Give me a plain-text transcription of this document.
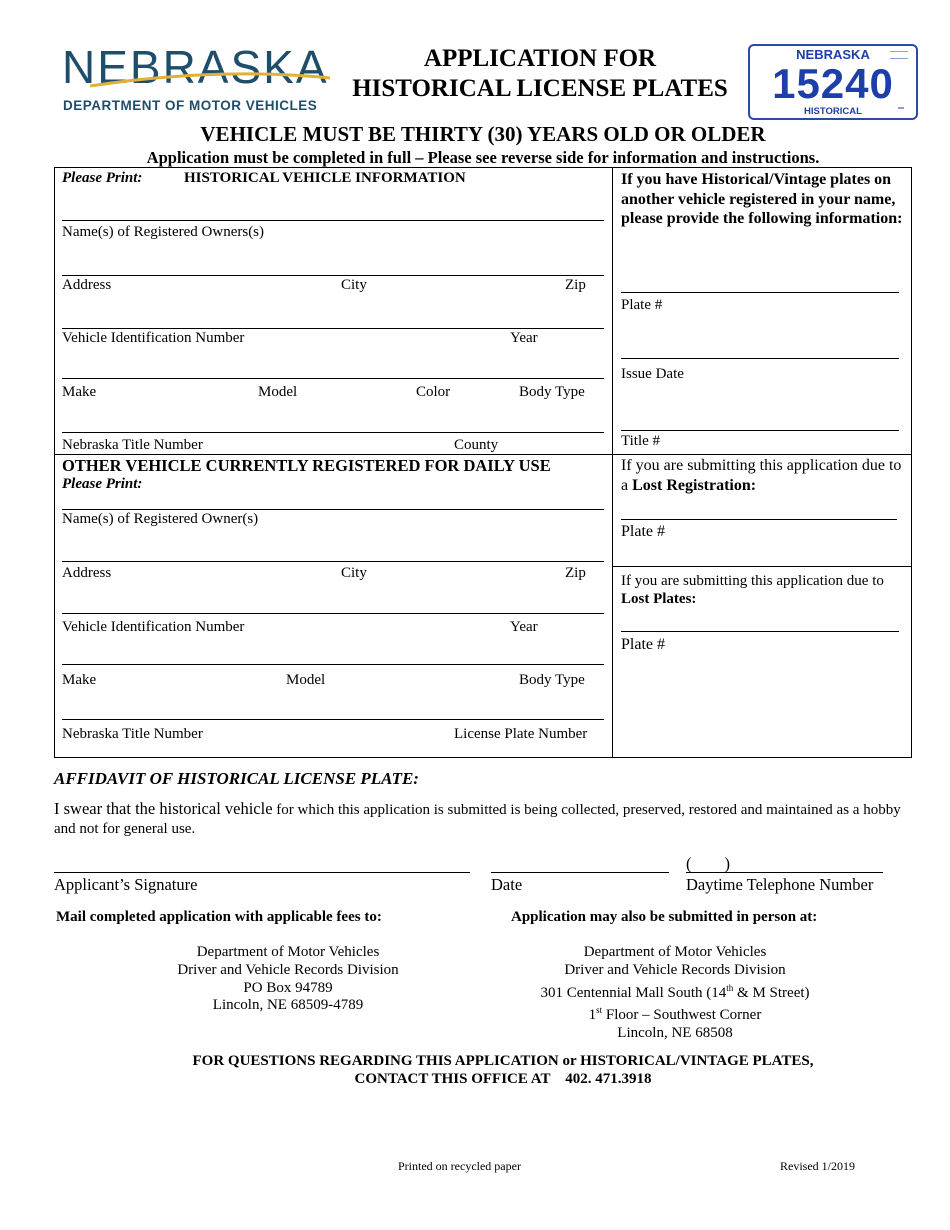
NEBRASKA
DEPARTMENT OF MOTOR VEHICLES
APPLICATION FOR
HISTORICAL LICENSE PLATES
NEBRASKA
15240
HISTORICAL
VEHICLE MUST BE THIRTY (30) YEARS OLD OR OLDER
Application must be completed in full – Please see reverse side for information and instructions.
Please Print:	HISTORICAL VEHICLE INFORMATION
Name(s) of Registered Owners(s)
Address	City	Zip
Vehicle Identification Number	Year
Make	Model	Color	Body Type
Nebraska Title Number	County
OTHER VEHICLE CURRENTLY REGISTERED FOR DAILY USE
Please Print:
Name(s) of Registered Owner(s)
Address	City	Zip
Vehicle Identification Number	Year
Make	Model	Body Type
Nebraska Title Number	License Plate Number
If you have Historical/Vintage plates on another vehicle registered in your name, please provide the following information:
Plate #
Issue Date
Title #
If you are submitting this application due to a Lost Registration:
Plate #
If you are submitting this application due to Lost Plates:
Plate #
AFFIDAVIT OF HISTORICAL LICENSE PLATE:
I swear that the historical vehicle for which this application is submitted is being collected, preserved, restored and maintained as a hobby and not for general use.
Applicant’s Signature	Date
(        )
Daytime Telephone Number
Mail completed application with applicable fees to:
Department of Motor Vehicles
Driver and Vehicle Records Division
PO Box 94789
Lincoln, NE 68509-4789
Application may also be submitted in person at:
Department of Motor Vehicles
Driver and Vehicle Records Division
301 Centennial Mall South (14th & M Street)
1st Floor – Southwest Corner
Lincoln, NE 68508
FOR QUESTIONS REGARDING THIS APPLICATION or HISTORICAL/VINTAGE PLATES,
CONTACT THIS OFFICE AT    402. 471.3918
Printed on recycled paper	Revised 1/2019
